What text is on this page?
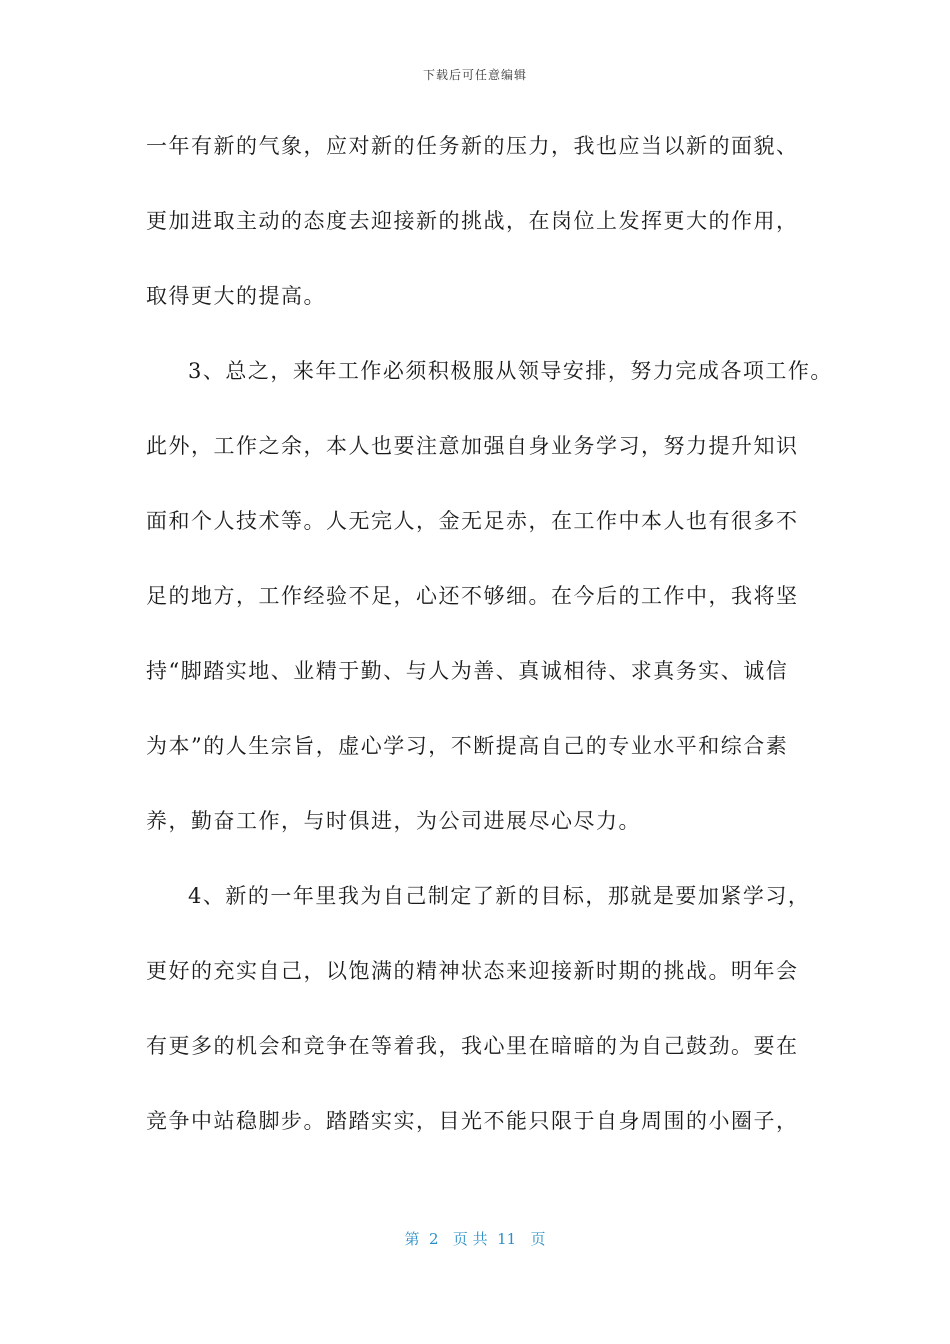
下载后可任意编辑
一年有新的气象，应对新的任务新的压力，我也应当以新的面貌、
更加进取主动的态度去迎接新的挑战，在岗位上发挥更大的作用，
取得更大的提高。
3、总之，来年工作必须积极服从领导安排，努力完成各项工作。
此外，工作之余，本人也要注意加强自身业务学习，努力提升知识
面和个人技术等。人无完人，金无足赤，在工作中本人也有很多不
足的地方，工作经验不足，心还不够细。在今后的工作中，我将坚
持“脚踏实地、业精于勤、与人为善、真诚相待、求真务实、诚信
为本”的人生宗旨，虚心学习，不断提高自己的专业水平和综合素
养，勤奋工作，与时俱进，为公司进展尽心尽力。
4、新的一年里我为自己制定了新的目标，那就是要加紧学习，
更好的充实自己，以饱满的精神状态来迎接新时期的挑战。明年会
有更多的机会和竞争在等着我，我心里在暗暗的为自己鼓劲。要在
竞争中站稳脚步。踏踏实实，目光不能只限于自身周围的小圈子，
第  2   页 共  11   页
